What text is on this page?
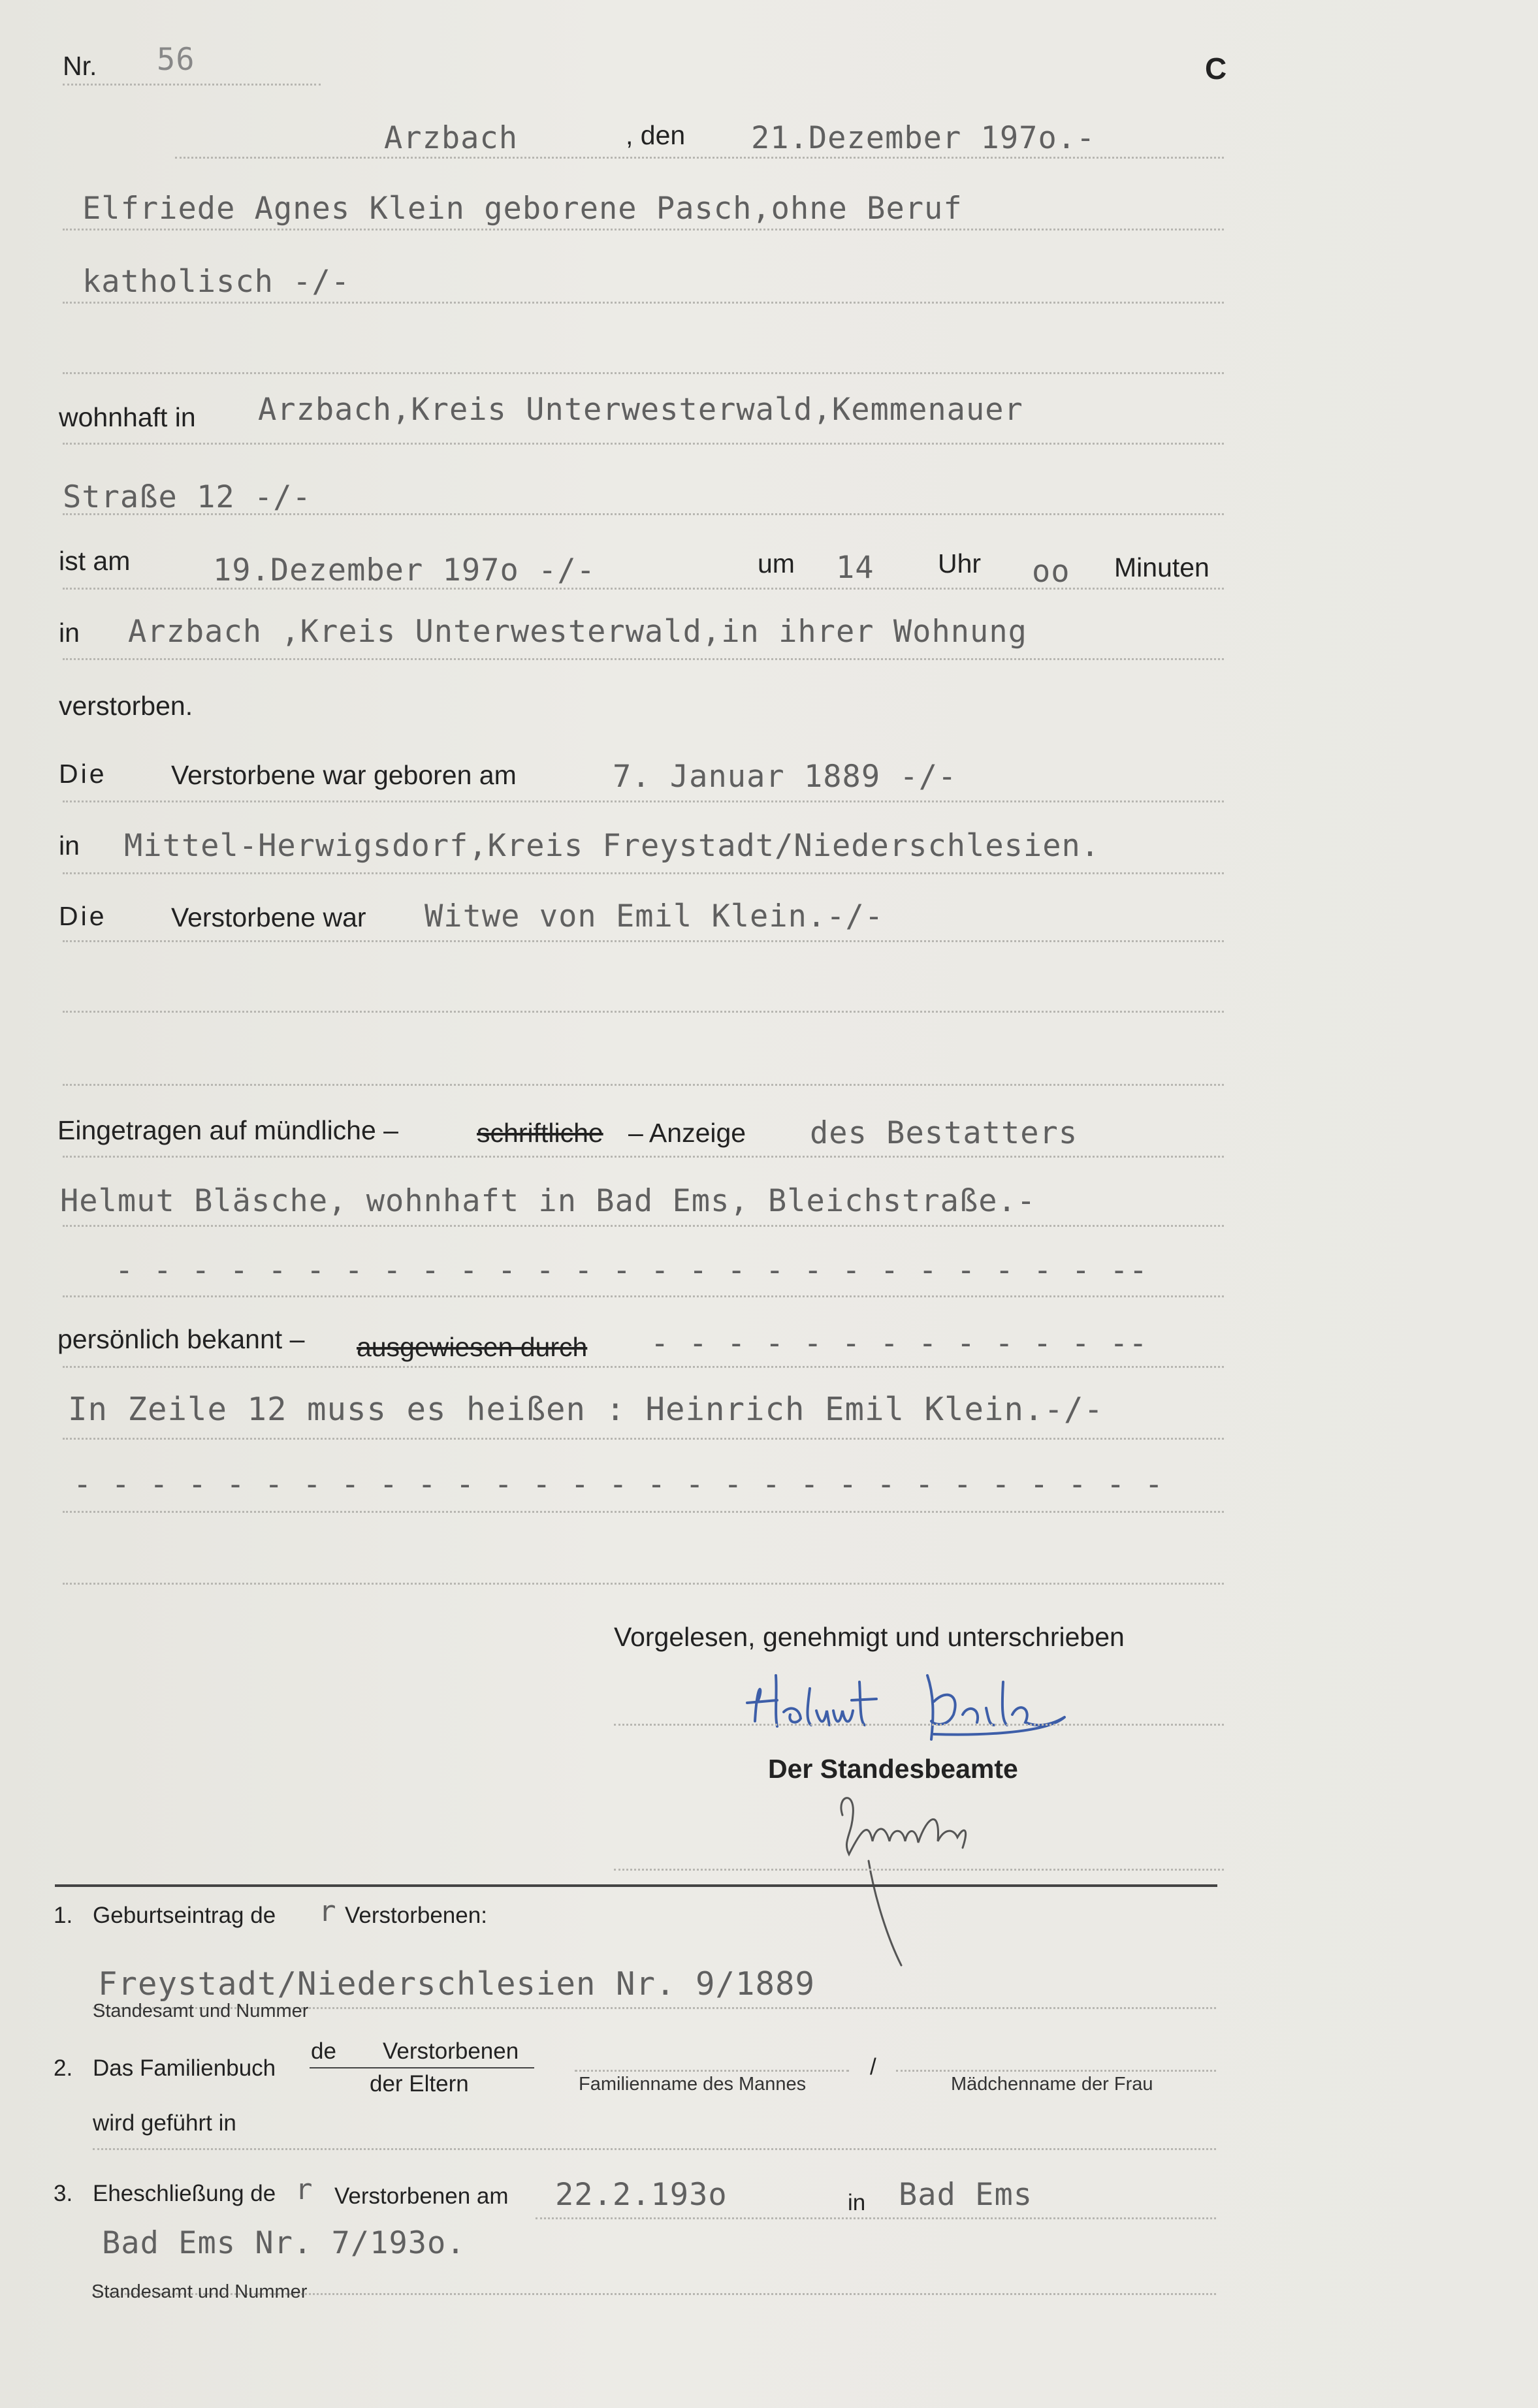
Nr. 56	C
Arzbach	, den 21.Dezember 197o.-
Elfriede Agnes Klein geborene Pasch,ohne Beruf
katholisch -/-
wohnhaft in Arzbach,Kreis Unterwesterwald,Kemmenauer
Straße 12 -/-
ist am	19.Dezember 197o -/-	um 14 Uhr oo Minuten
in Arzbach ,Kreis Unterwesterwald,in ihrer Wohnung
verstorben.
Die Verstorbene war geboren am	7. Januar 1889 -/-
in Mittel-Herwigsdorf,Kreis Freystadt/Niederschlesien.
Die Verstorbene war Witwe von Emil Klein.-/-
Eingetragen auf mündliche –	schriftliche – Anzeige des Bestatters
Helmut Bläsche, wohnhaft in Bad Ems, Bleichstraße.-
- - - - - - - - - - - - - - - - - - - - - - - - - - --
persönlich bekannt – ausgewiesen durch - - - - - - - - - - - - --
In Zeile 12 muss es heißen : Heinrich Emil Klein.-/-
- - - - - - - - - - - - - - - - - - - - - - - - - - - - -
Vorgelesen, genehmigt und unterschrieben
Der Standesbeamte
1. Geburtseintrag de r Verstorbenen:
Freystadt/Niederschlesien Nr. 9/1889
Standesamt und Nummer
2. Das Familienbuch
de Verstorbenen
der Eltern	Familienname des Mannes
/
Mädchenname der Frau
wird geführt in
3. Eheschließung de r Verstorbenen am 22.2.193o	in Bad Ems
Bad Ems Nr. 7/193o.
Standesamt und Nummer
